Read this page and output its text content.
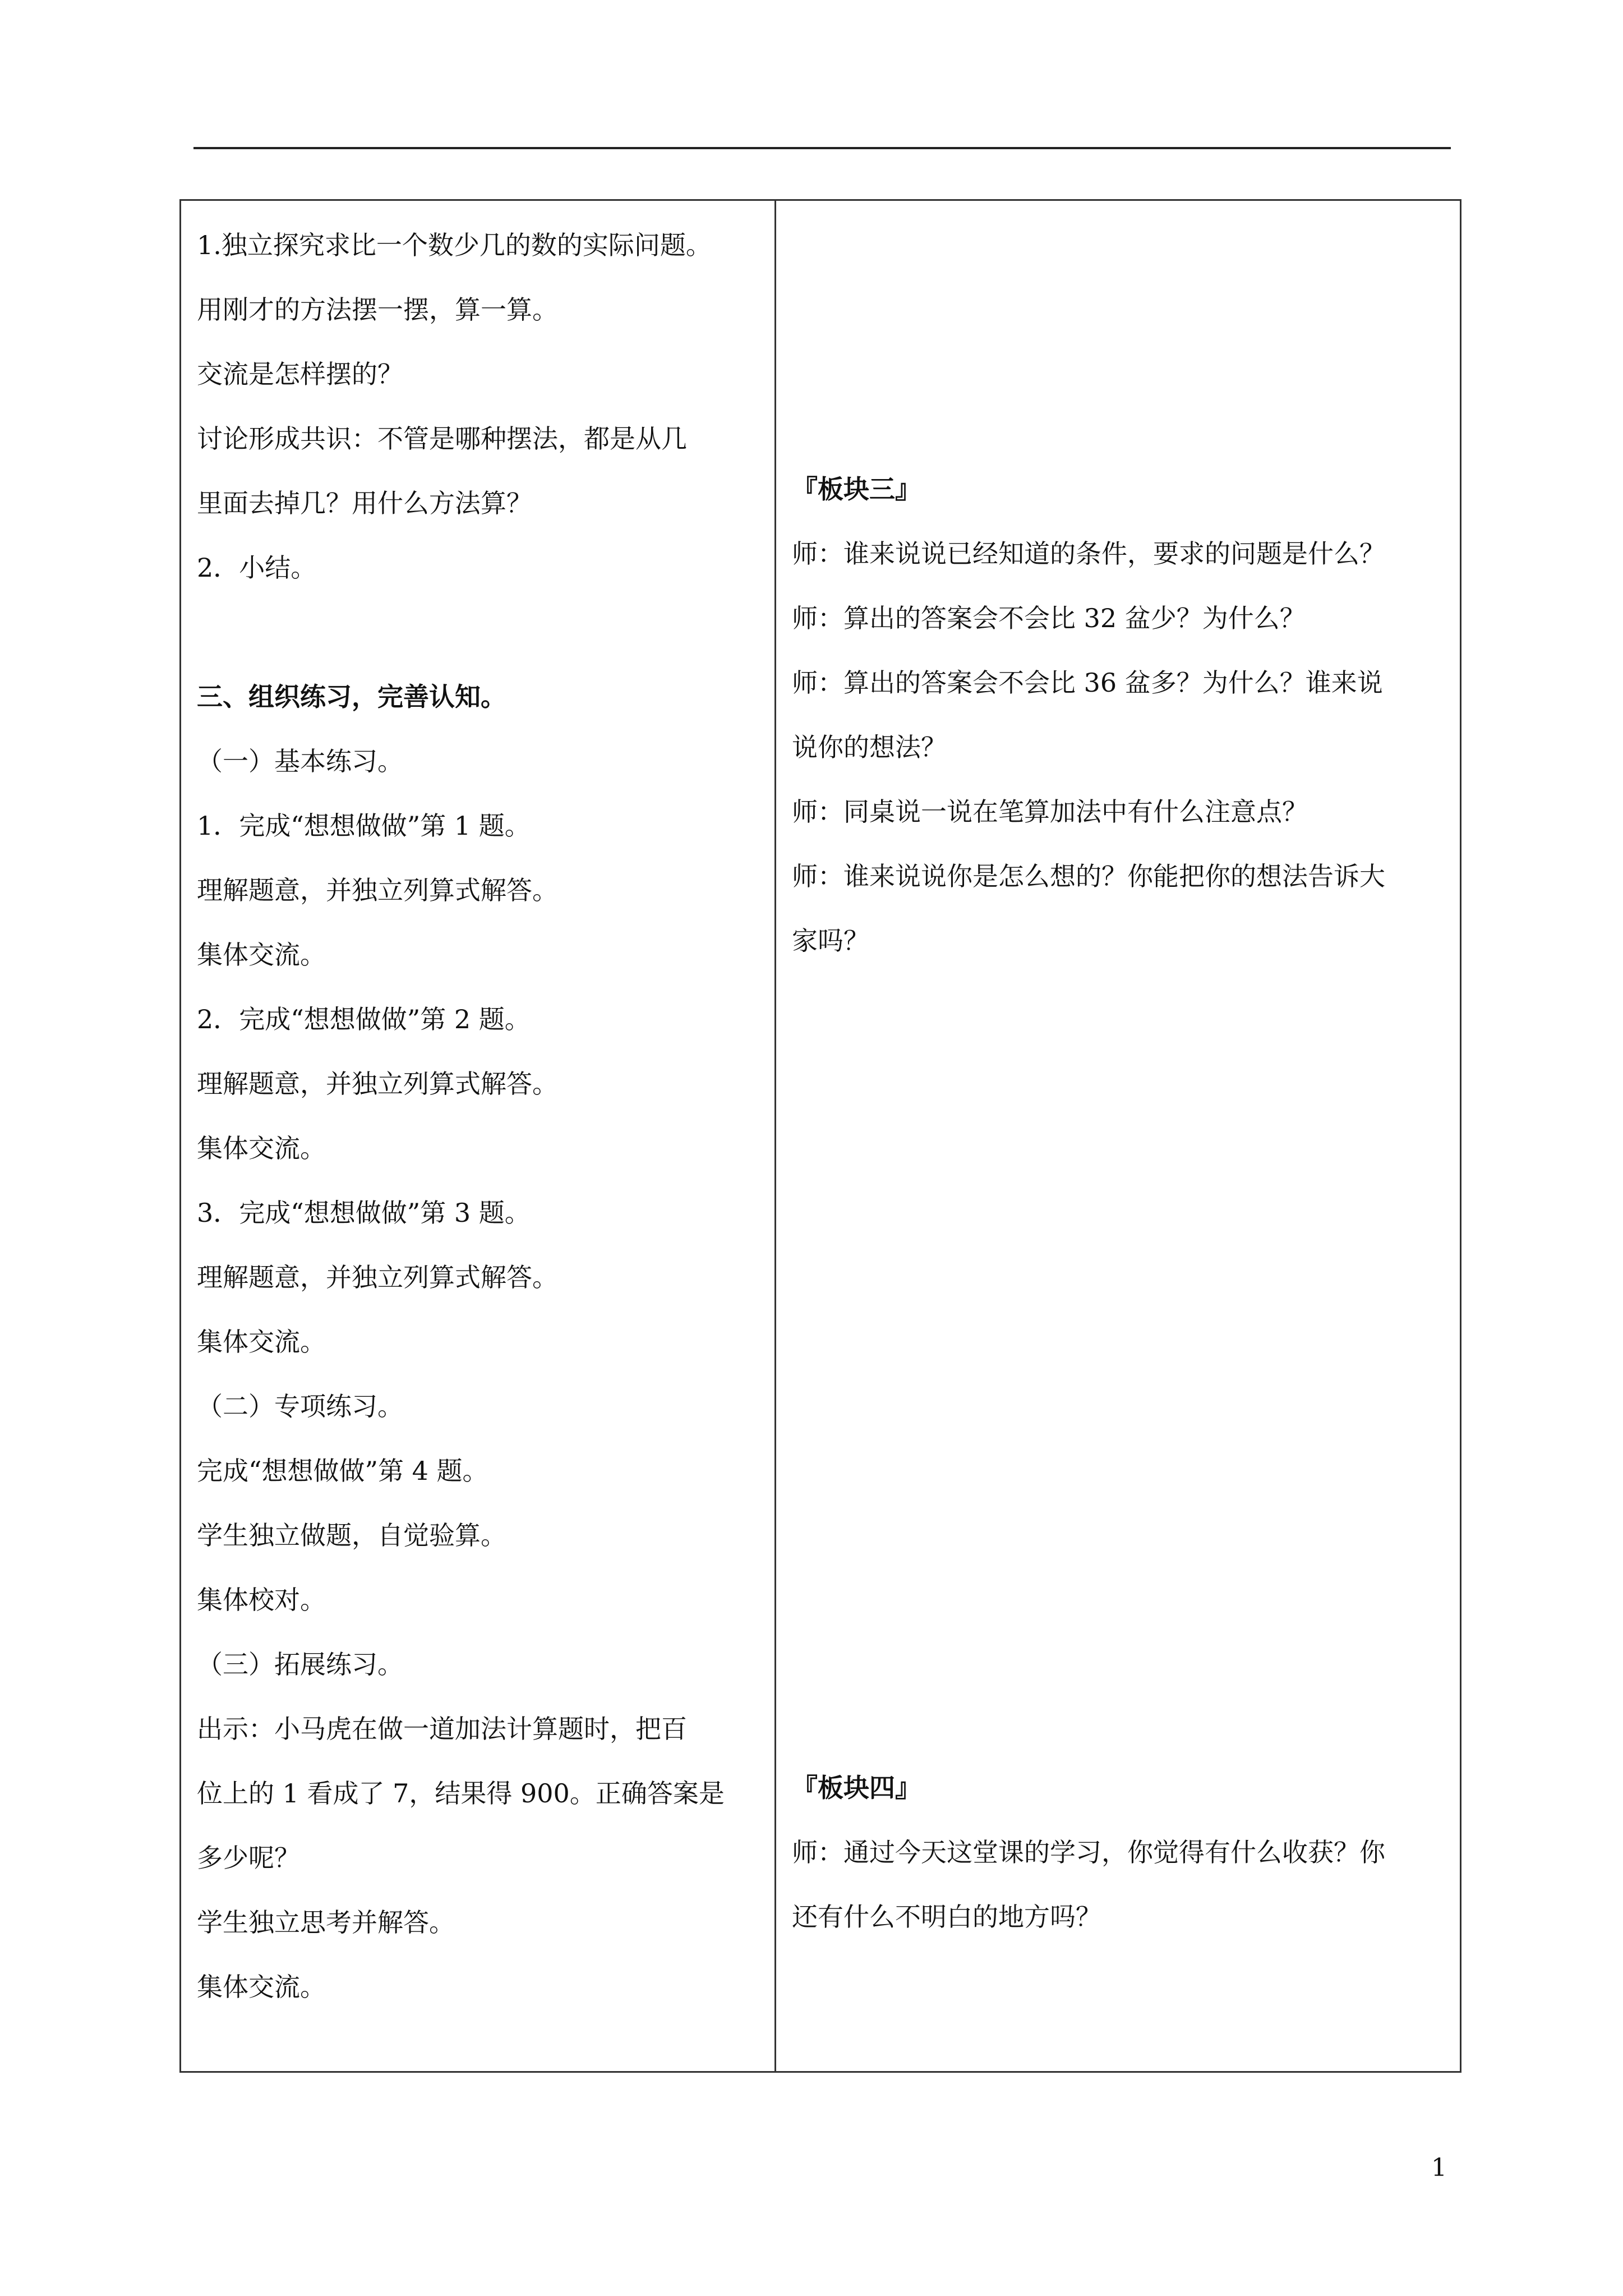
1.独立探究求比一个数少几的数的实际问题。
用刚才的方法摆一摆，算一算。
交流是怎样摆的？
讨论形成共识：不管是哪种摆法，都是从几
里面去掉几？用什么方法算？
2．小结。
三、组织练习，完善认知。
（一）基本练习。
1．完成“想想做做”第 1 题。
理解题意，并独立列算式解答。
集体交流。
2．完成“想想做做”第 2 题。
理解题意，并独立列算式解答。
集体交流。
3．完成“想想做做”第 3 题。
理解题意，并独立列算式解答。
集体交流。
（二）专项练习。
完成“想想做做”第 4 题。
学生独立做题，自觉验算。
集体校对。
（三）拓展练习。
出示：小马虎在做一道加法计算题时，把百
位上的 1 看成了 7，结果得 900。正确答案是
多少呢？
学生独立思考并解答。
集体交流。
『板块三』
师：谁来说说已经知道的条件，要求的问题是什么？
师：算出的答案会不会比 32 盆少？为什么？
师：算出的答案会不会比 36 盆多？为什么？谁来说
说你的想法？
师：同桌说一说在笔算加法中有什么注意点？
师：谁来说说你是怎么想的？你能把你的想法告诉大
家吗？
『板块四』
师：通过今天这堂课的学习，你觉得有什么收获？你
还有什么不明白的地方吗？
1
